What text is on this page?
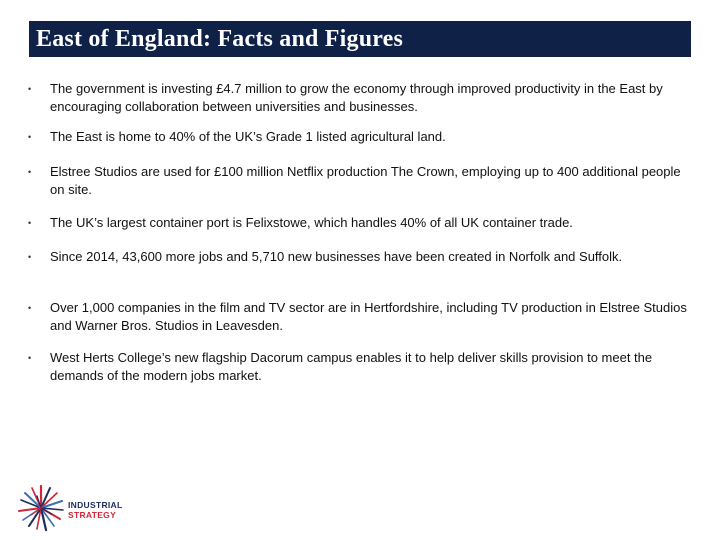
East of England: Facts and Figures
•	The government is investing £4.7 million to grow the economy through improved productivity in the East by encouraging collaboration between universities and businesses.
•	The East is home to 40% of the UK’s Grade 1 listed agricultural land.
•	Elstree Studios are used for £100 million Netflix production The Crown, employing up to 400 additional people on site.
•	The UK’s largest container port is Felixstowe, which handles 40% of all UK container trade.
•	Since 2014, 43,600 more jobs and 5,710 new businesses have been created in Norfolk and Suffolk.
•	Over 1,000 companies in the film and TV sector are in Hertfordshire, including TV production in Elstree Studios and Warner Bros. Studios in Leavesden.
•	West Herts College’s new flagship Dacorum campus enables it to help deliver skills provision to meet the demands of the modern jobs market.
INDUSTRIAL
STRATEGY
